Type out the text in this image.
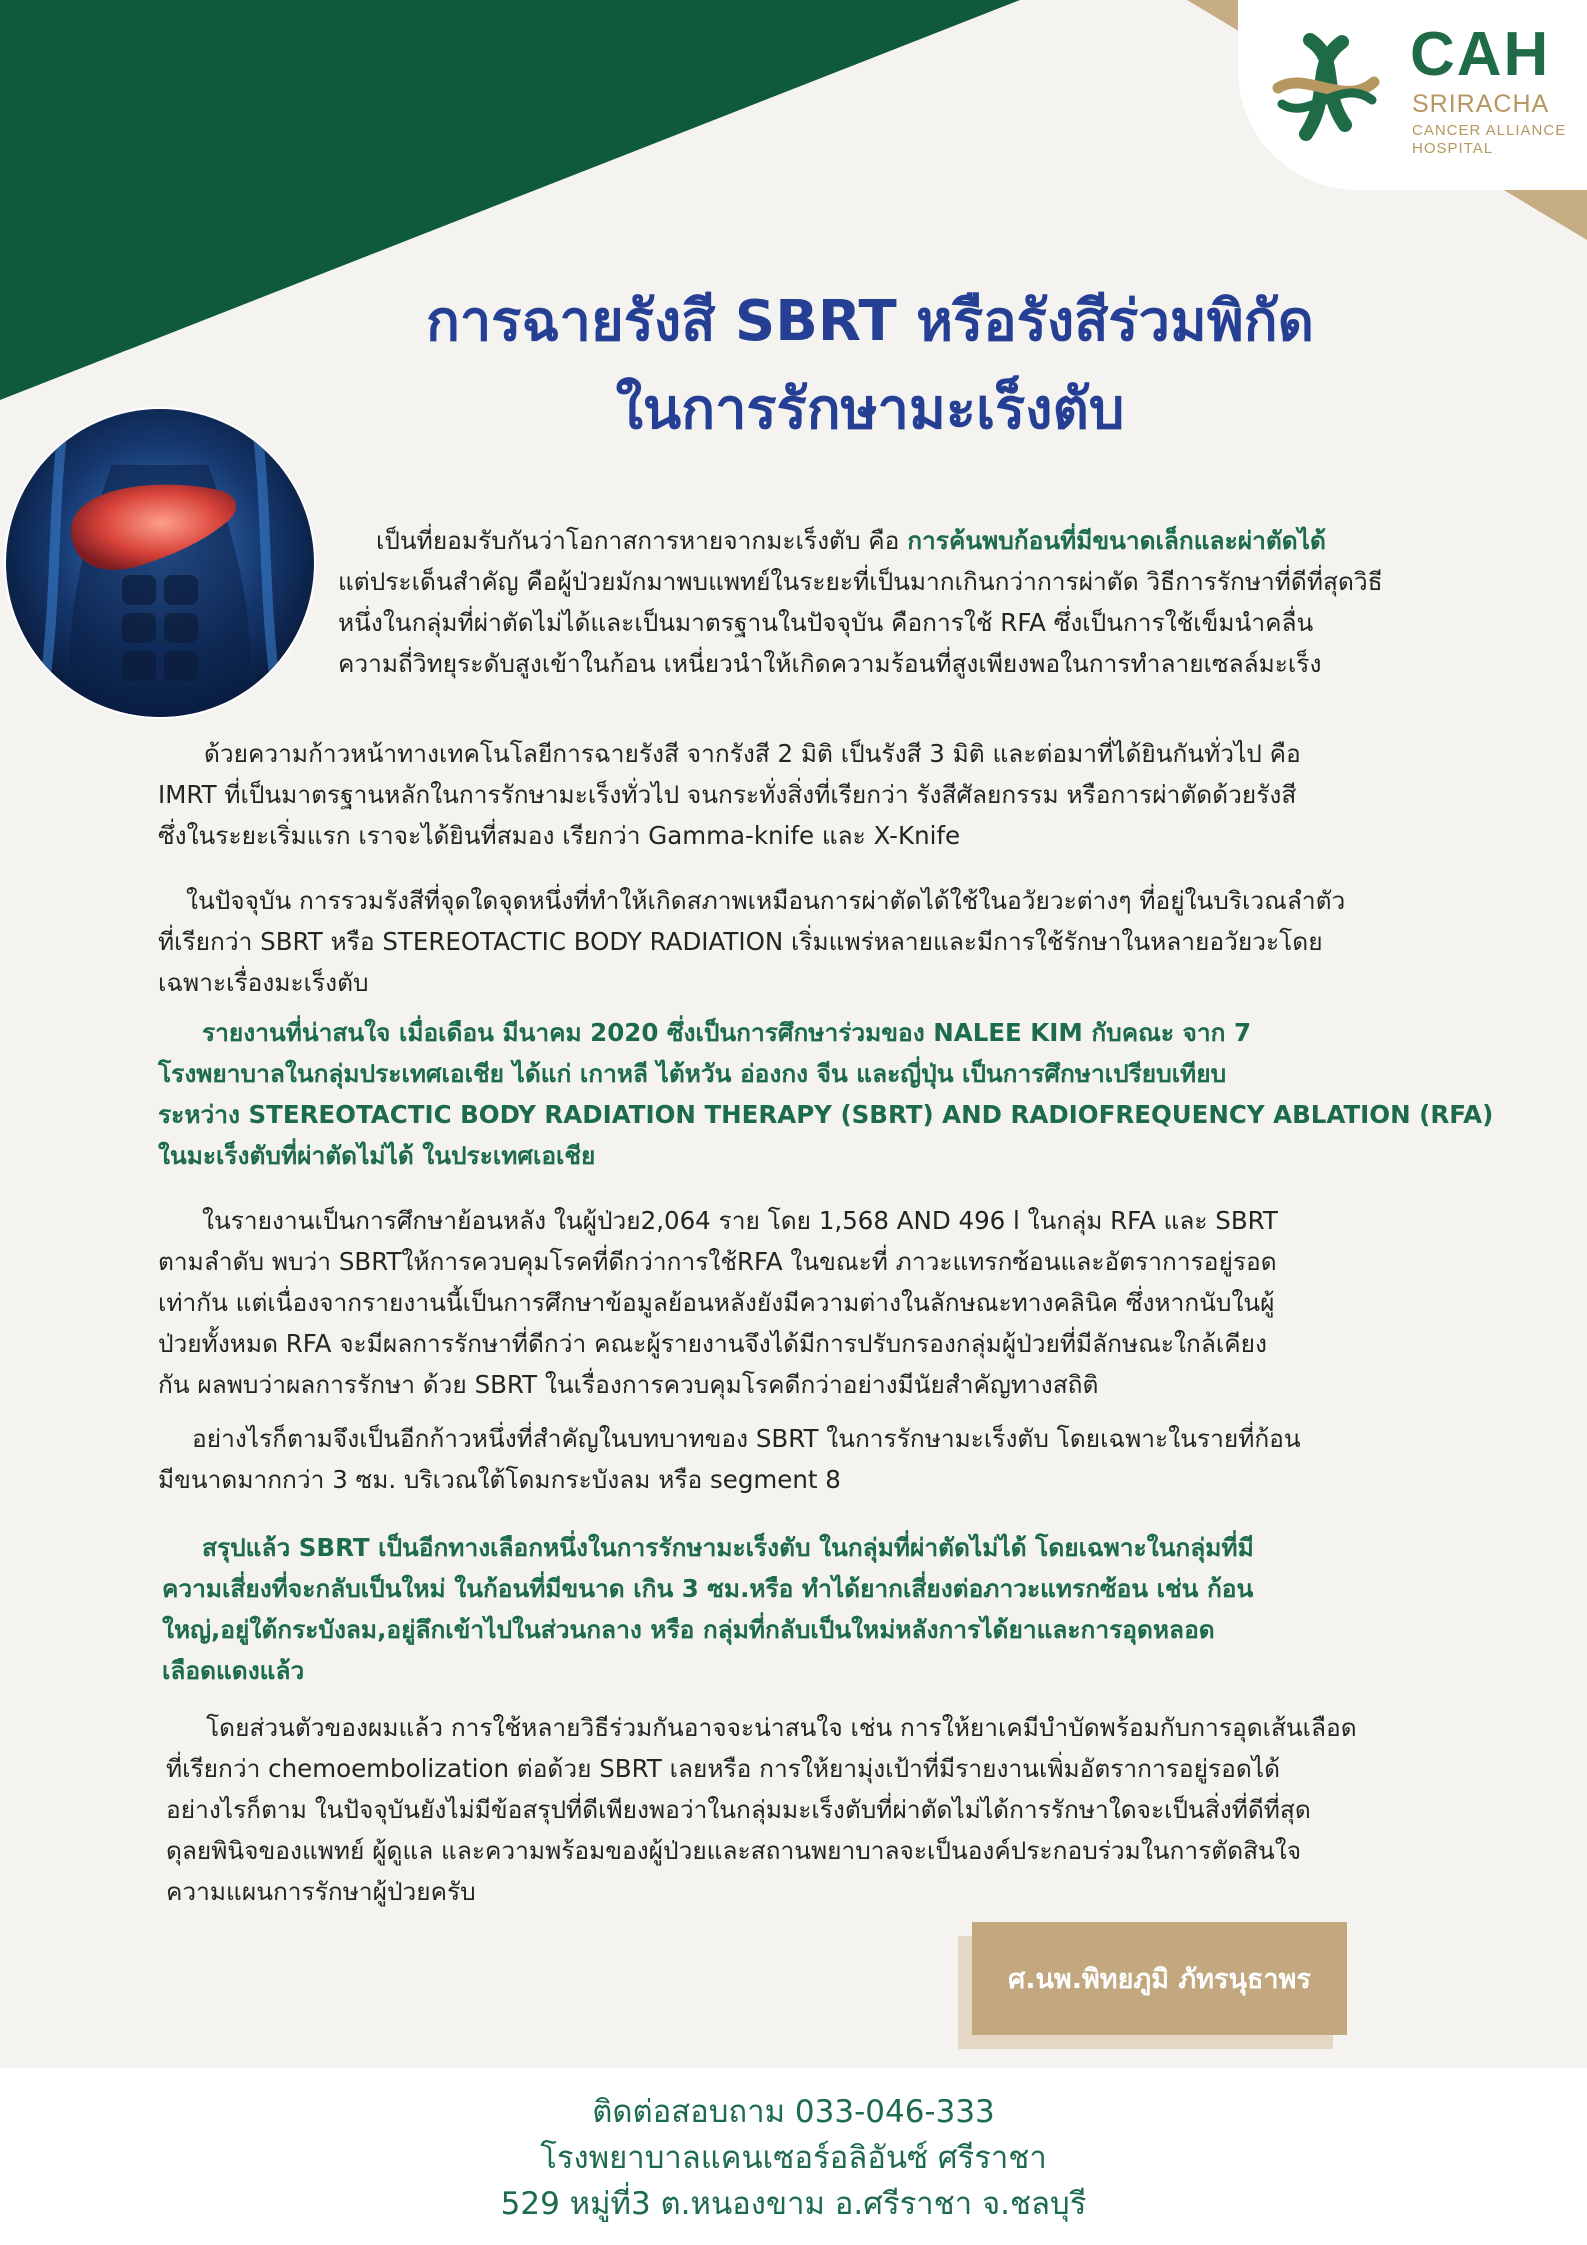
CAH
SRIRACHA
CANCER ALLIANCE HOSPITAL
การฉายรังสี SBRT หรือรังสีร่วมพิกัด
ในการรักษามะเร็งตับ
เป็นที่ยอมรับกันว่าโอกาสการหายจากมะเร็งตับ คือ การค้นพบก้อนที่มีขนาดเล็กและผ่าตัดได้
แต่ประเด็นสำคัญ คือผู้ป่วยมักมาพบแพทย์ในระยะที่เป็นมากเกินกว่าการผ่าตัด วิธีการรักษาที่ดีที่สุดวิธี
หนึ่งในกลุ่มที่ผ่าตัดไม่ได้และเป็นมาตรฐานในปัจจุบัน คือการใช้ RFA ซึ่งเป็นการใช้เข็มนำคลื่น
ความถี่วิทยุระดับสูงเข้าในก้อน เหนี่ยวนำให้เกิดความร้อนที่สูงเพียงพอในการทำลายเซลล์มะเร็ง
ด้วยความก้าวหน้าทางเทคโนโลยีการฉายรังสี จากรังสี 2 มิติ เป็นรังสี 3 มิติ และต่อมาที่ได้ยินกันทั่วไป คือ
IMRT ที่เป็นมาตรฐานหลักในการรักษามะเร็งทั่วไป จนกระทั่งสิ่งที่เรียกว่า รังสีศัลยกรรม หรือการผ่าตัดด้วยรังสี
ซึ่งในระยะเริ่มแรก เราจะได้ยินที่สมอง เรียกว่า Gamma-knife และ X-Knife
ในปัจจุบัน การรวมรังสีที่จุดใดจุดหนึ่งที่ทำให้เกิดสภาพเหมือนการผ่าตัดได้ใช้ในอวัยวะต่างๆ ที่อยู่ในบริเวณลำตัว
ที่เรียกว่า SBRT หรือ STEREOTACTIC BODY RADIATION เริ่มแพร่หลายและมีการใช้รักษาในหลายอวัยวะโดย
เฉพาะเรื่องมะเร็งตับ
รายงานที่น่าสนใจ เมื่อเดือน มีนาคม 2020 ซึ่งเป็นการศึกษาร่วมของ NALEE KIM กับคณะ จาก 7
โรงพยาบาลในกลุ่มประเทศเอเชีย ได้แก่ เกาหลี ไต้หวัน อ่องกง จีน และญี่ปุ่น เป็นการศึกษาเปรียบเทียบ
ระหว่าง STEREOTACTIC BODY RADIATION THERAPY (SBRT) AND RADIOFREQUENCY ABLATION (RFA)
ในมะเร็งตับที่ผ่าตัดไม่ได้ ในประเทศเอเชีย
ในรายงานเป็นการศึกษาย้อนหลัง ในผู้ป่วย2,064 ราย โดย 1,568 AND 496 l ในกลุ่ม RFA และ SBRT
ตามลำดับ พบว่า SBRTให้การควบคุมโรคที่ดีกว่าการใช้RFA ในขณะที่ ภาวะแทรกซ้อนและอัตราการอยู่รอด
เท่ากัน แต่เนื่องจากรายงานนี้เป็นการศึกษาข้อมูลย้อนหลังยังมีความต่างในลักษณะทางคลินิค ซึ่งหากนับในผู้
ป่วยทั้งหมด RFA จะมีผลการรักษาที่ดีกว่า คณะผู้รายงานจึงได้มีการปรับกรองกลุ่มผู้ป่วยที่มีลักษณะใกล้เคียง
กัน ผลพบว่าผลการรักษา ด้วย SBRT ในเรื่องการควบคุมโรคดีกว่าอย่างมีนัยสำคัญทางสถิติ
อย่างไรก็ตามจึงเป็นอีกก้าวหนึ่งที่สำคัญในบทบาทของ SBRT ในการรักษามะเร็งตับ โดยเฉพาะในรายที่ก้อน
มีขนาดมากกว่า 3 ซม. บริเวณใต้โดมกระบังลม หรือ segment 8
สรุปแล้ว SBRT เป็นอีกทางเลือกหนึ่งในการรักษามะเร็งตับ ในกลุ่มที่ผ่าตัดไม่ได้ โดยเฉพาะในกลุ่มที่มี
ความเสี่ยงที่จะกลับเป็นใหม่ ในก้อนที่มีขนาด เกิน 3 ซม.หรือ ทำได้ยากเสี่ยงต่อภาวะแทรกซ้อน เช่น ก้อน
ใหญ่,อยู่ใต้กระบังลม,อยู่ลึกเข้าไปในส่วนกลาง หรือ กลุ่มที่กลับเป็นใหม่หลังการได้ยาและการอุดหลอด
เลือดแดงแล้ว
โดยส่วนตัวของผมแล้ว การใช้หลายวิธีร่วมกันอาจจะน่าสนใจ เช่น การให้ยาเคมีบำบัดพร้อมกับการอุดเส้นเลือด
ที่เรียกว่า chemoembolization ต่อด้วย SBRT เลยหรือ การให้ยามุ่งเป้าที่มีรายงานเพิ่มอัตราการอยู่รอดได้
อย่างไรก็ตาม ในปัจจุบันยังไม่มีข้อสรุปที่ดีเพียงพอว่าในกลุ่มมะเร็งตับที่ผ่าตัดไม่ได้การรักษาใดจะเป็นสิ่งที่ดีที่สุด
ดุลยพินิจของแพทย์ ผู้ดูแล และความพร้อมของผู้ป่วยและสถานพยาบาลจะเป็นองค์ประกอบร่วมในการตัดสินใจ
ความแผนการรักษาผู้ป่วยครับ
ศ.นพ.พิทยภูมิ ภัทรนุธาพร
ติดต่อสอบถาม 033-046-333
โรงพยาบาลแคนเซอร์อลิอันซ์ ศรีราชา
529 หมู่ที่3 ต.หนองขาม อ.ศรีราชา จ.ชลบุรี
